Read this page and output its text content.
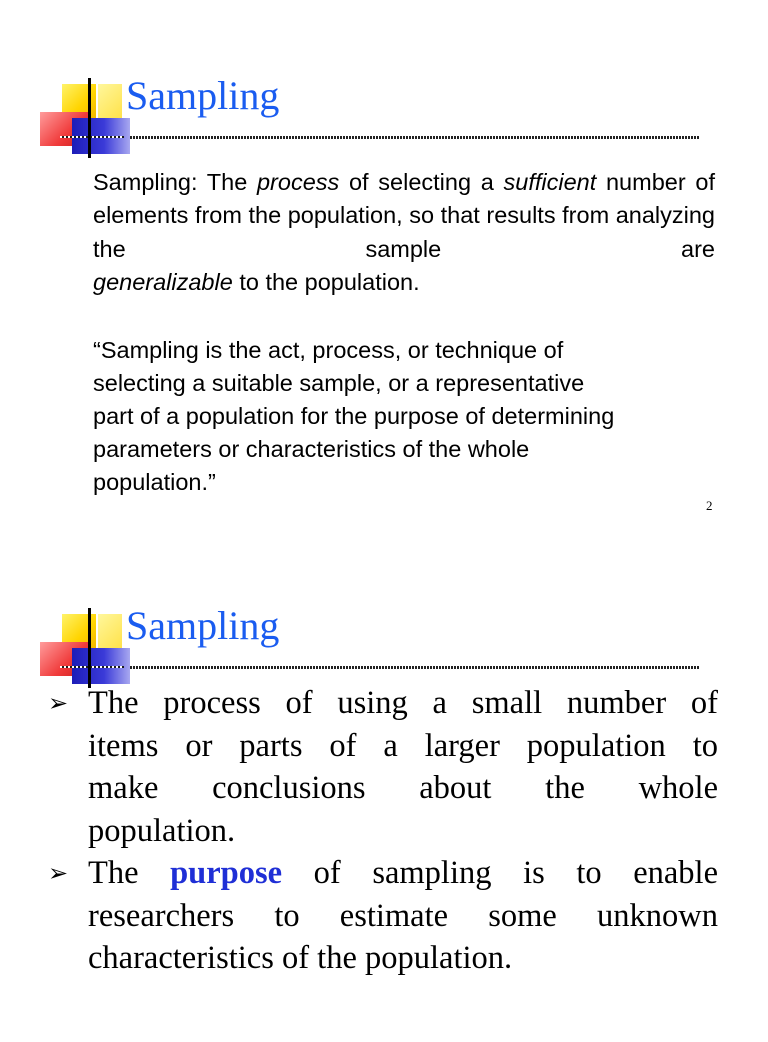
Sampling

Sampling: The process of selecting a sufficient number of elements from the population, so that results from analyzing the sample are

generalizable to the population.

“Sampling is the act, process, or technique of
selecting a suitable sample, or a representative
part of a population for the purpose of determining
parameters or characteristics of the whole
population.”

2
Sampling
➢ The process of using a small number of
items or parts of a larger population to
make conclusions about the whole
population.
➢ The purpose of sampling is to enable
researchers to estimate some unknown
characteristics of the population.
